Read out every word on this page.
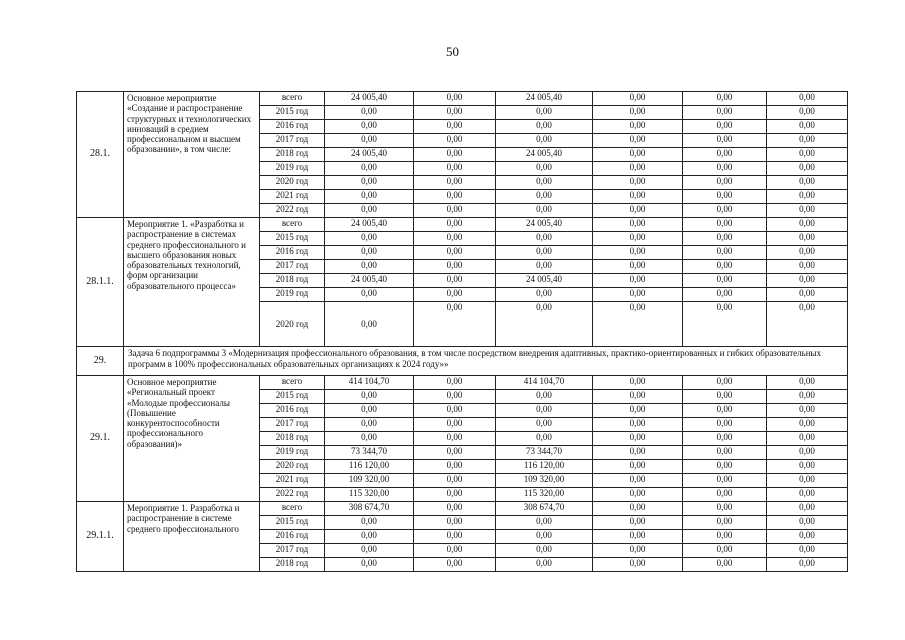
50
28.1.	Основное мероприятие «Создание и распространение структурных и технологических инноваций в среднем профессиональном и высшем образовании», в том числе:	всего	24 005,40	0,00	24 005,40	0,00	0,00	0,00
		2015 год	0,00	0,00	0,00	0,00	0,00	0,00
		2016 год	0,00	0,00	0,00	0,00	0,00	0,00
		2017 год	0,00	0,00	0,00	0,00	0,00	0,00
		2018 год	24 005,40	0,00	24 005,40	0,00	0,00	0,00
		2019 год	0,00	0,00	0,00	0,00	0,00	0,00
		2020 год	0,00	0,00	0,00	0,00	0,00	0,00
		2021 год	0,00	0,00	0,00	0,00	0,00	0,00
		2022 год	0,00	0,00	0,00	0,00	0,00	0,00
28.1.1.	Мероприятие 1. «Разработка и распространение в системах среднего профессионального и высшего образования новых образовательных технологий, форм организации образовательного процесса»	всего	24 005,40	0,00	24 005,40	0,00	0,00	0,00
		2015 год	0,00	0,00	0,00	0,00	0,00	0,00
		2016 год	0,00	0,00	0,00	0,00	0,00	0,00
		2017 год	0,00	0,00	0,00	0,00	0,00	0,00
		2018 год	24 005,40	0,00	24 005,40	0,00	0,00	0,00
		2019 год	0,00	0,00	0,00	0,00	0,00	0,00
		2020 год	0,00	0,00	0,00	0,00	0,00	0,00
29.	Задача 6 подпрограммы 3 «Модернизация профессионального образования, в том числе посредством внедрения адаптивных, практико-ориентированных и гибких образовательных программ в 100% профессиональных образовательных организациях к 2024 году»»							
29.1.	Основное мероприятие «Региональный проект «Молодые профессионалы (Повышение конкурентоспособности профессионального образования)»	всего	414 104,70	0,00	414 104,70	0,00	0,00	0,00
		2015 год	0,00	0,00	0,00	0,00	0,00	0,00
		2016 год	0,00	0,00	0,00	0,00	0,00	0,00
		2017 год	0,00	0,00	0,00	0,00	0,00	0,00
		2018 год	0,00	0,00	0,00	0,00	0,00	0,00
		2019 год	73 344,70	0,00	73 344,70	0,00	0,00	0,00
		2020 год	116 120,00	0,00	116 120,00	0,00	0,00	0,00
		2021 год	109 320,00	0,00	109 320,00	0,00	0,00	0,00
		2022 год	115 320,00	0,00	115 320,00	0,00	0,00	0,00
29.1.1.	Мероприятие 1. Разработка и распространение в системе среднего профессионального	всего	308 674,70	0,00	308 674,70	0,00	0,00	0,00
		2015 год	0,00	0,00	0,00	0,00	0,00	0,00
		2016 год	0,00	0,00	0,00	0,00	0,00	0,00
		2017 год	0,00	0,00	0,00	0,00	0,00	0,00
		2018 год	0,00	0,00	0,00	0,00	0,00	0,00
